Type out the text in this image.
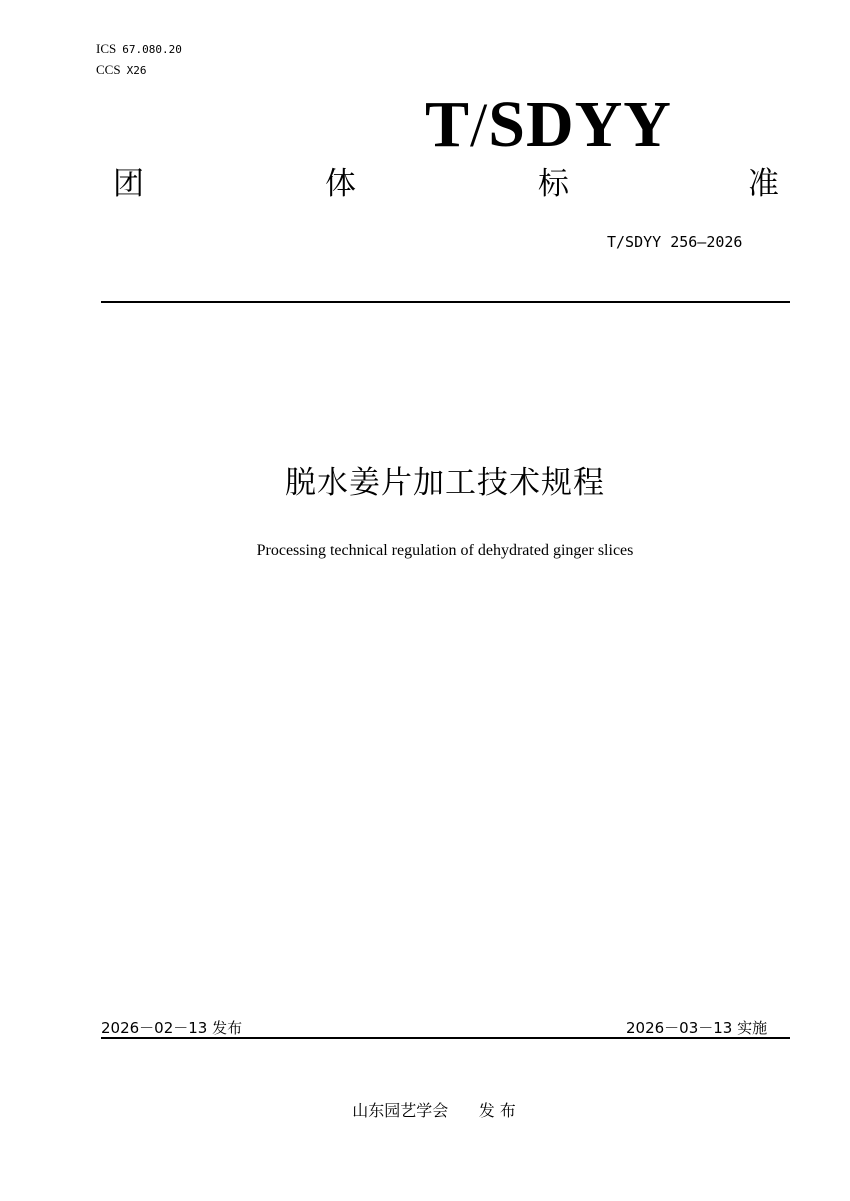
ICS 67.080.20
CCS X26
T/SDYY
团	体	标	准
T/SDYY 256—2026
脱水姜片加工技术规程
Processing technical regulation of dehydrated ginger slices
2026－02－13 发布	2026－03－13 实施
山东园艺学会 发 布
